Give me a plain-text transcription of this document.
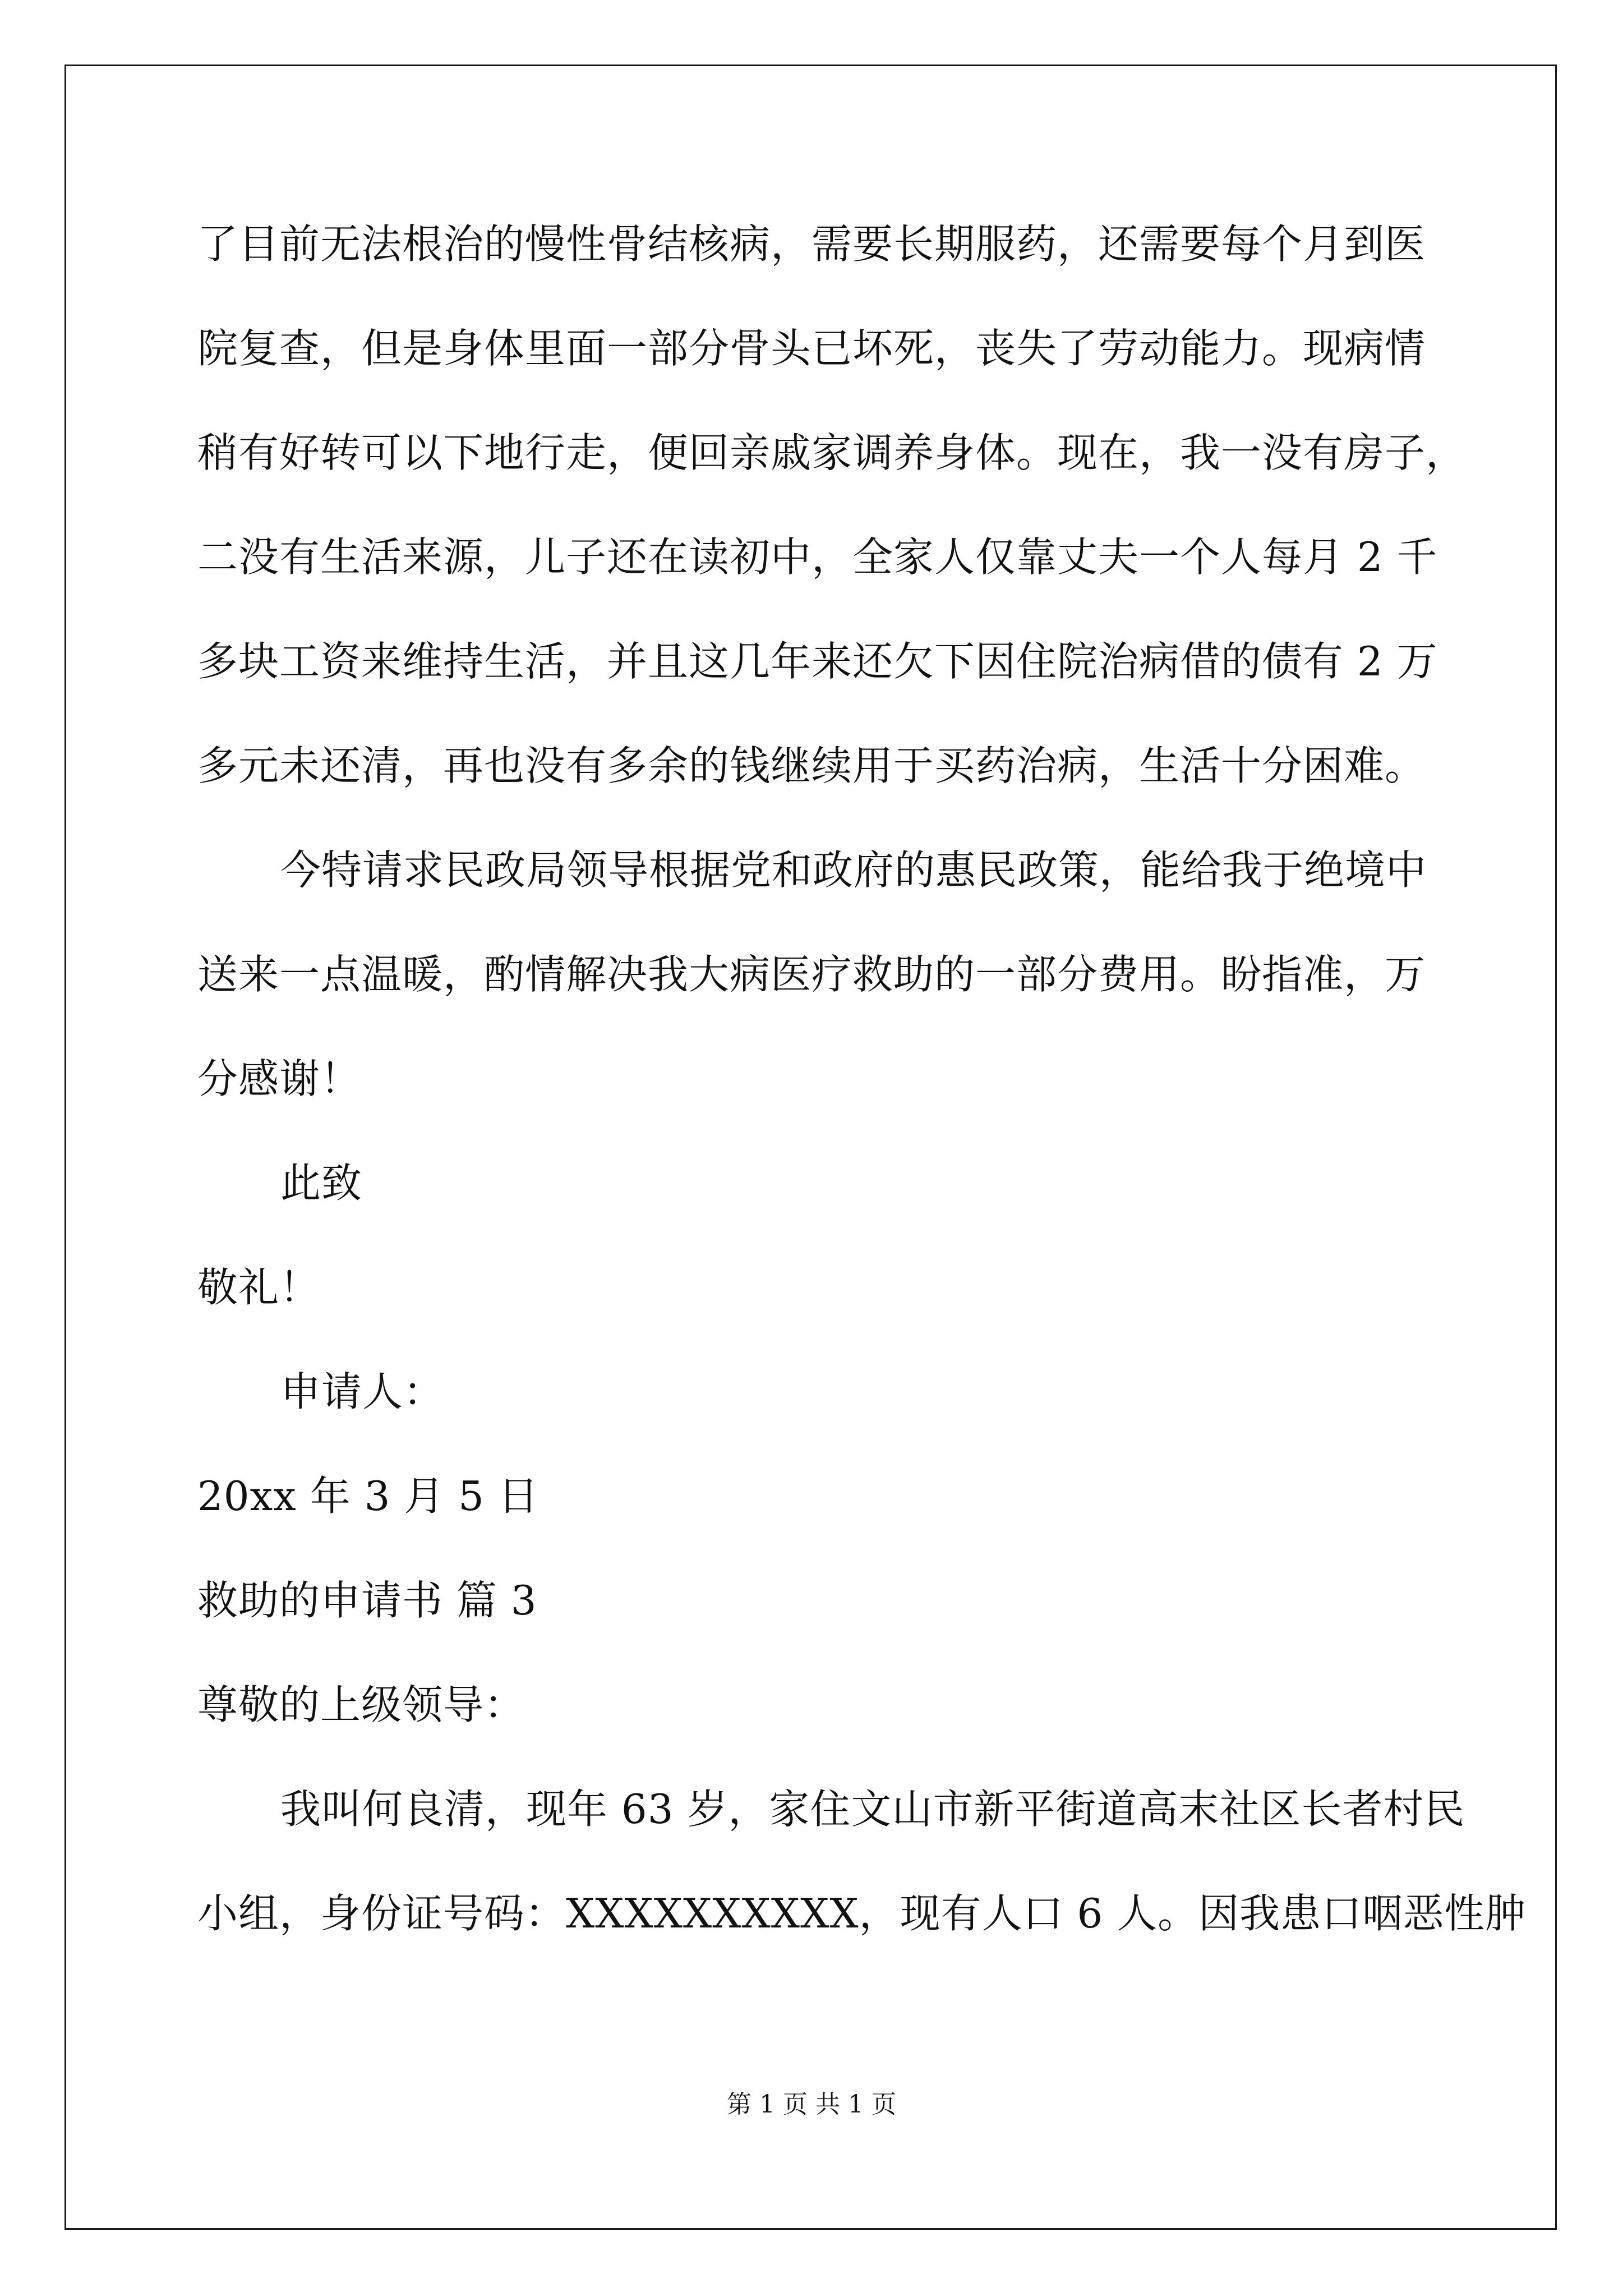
了目前无法根治的慢性骨结核病，需要长期服药，还需要每个月到医
院复查，但是身体里面一部分骨头已坏死，丧失了劳动能力。现病情
稍有好转可以下地行走，便回亲戚家调养身体。现在，我一没有房子，
二没有生活来源，儿子还在读初中，全家人仅靠丈夫一个人每月 2 千
多块工资来维持生活，并且这几年来还欠下因住院治病借的债有 2 万
多元未还清，再也没有多余的钱继续用于买药治病，生活十分困难。
今特请求民政局领导根据党和政府的惠民政策，能给我于绝境中
送来一点温暖，酌情解决我大病医疗救助的一部分费用。盼指准，万
分感谢！
此致
敬礼！
申请人：
20xx 年 3 月 5 日
救助的申请书 篇 3
尊敬的上级领导：
我叫何良清，现年 63 岁，家住文山市新平街道高末社区长者村民
小组，身份证号码：XXXXXXXXXX，现有人口 6 人。因我患口咽恶性肿
第 1 页 共 1 页
